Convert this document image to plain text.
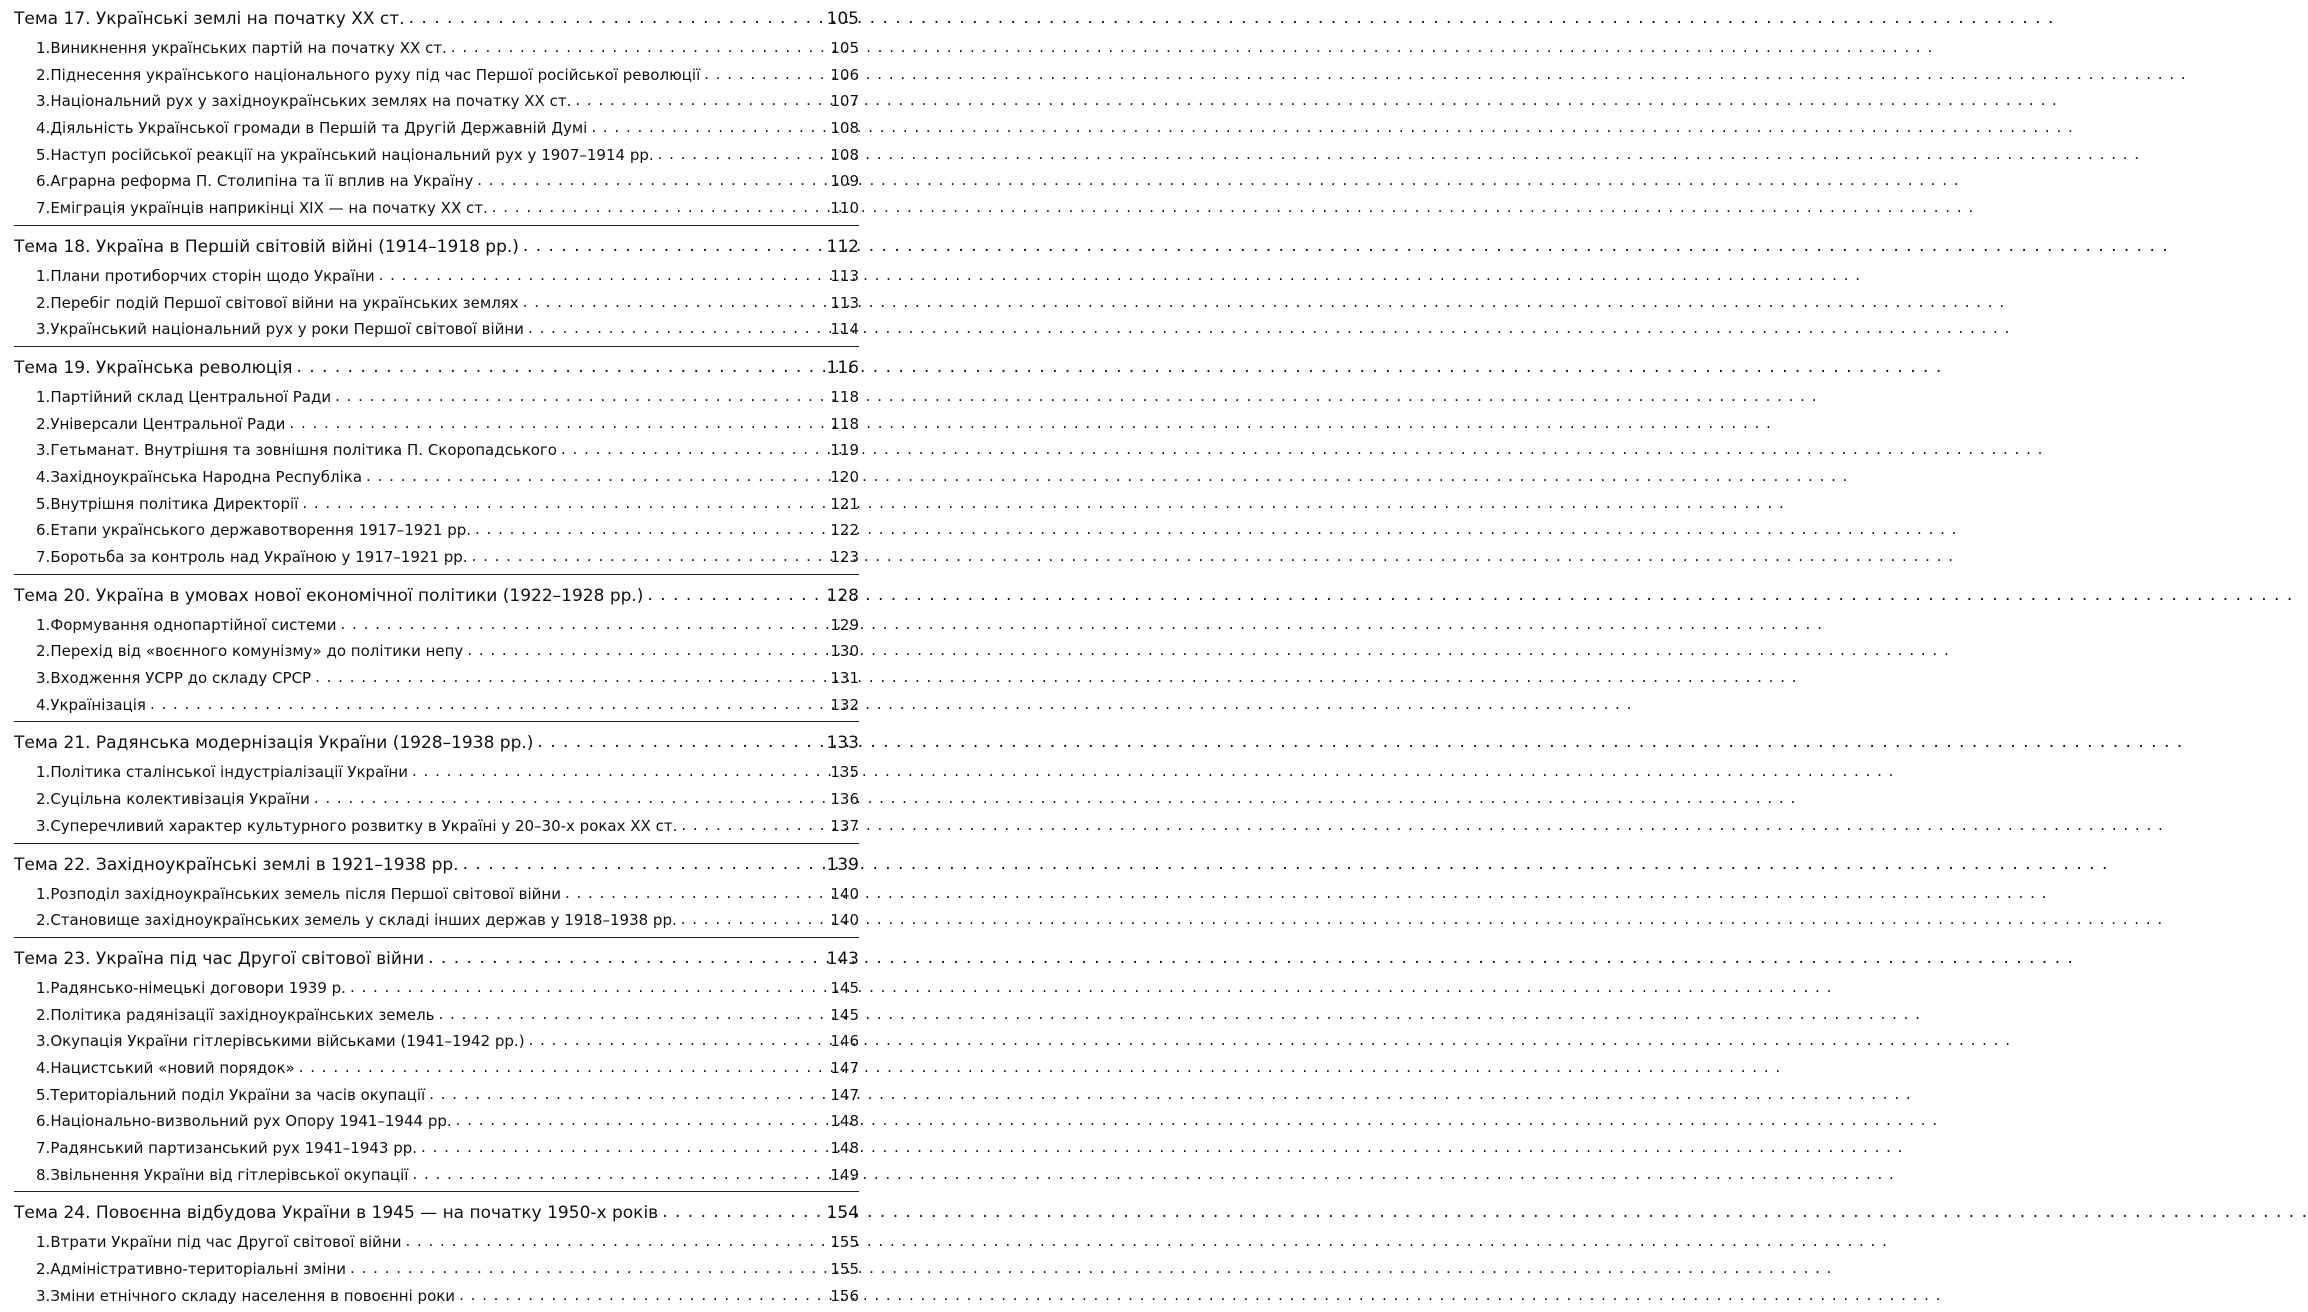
Тема 17. Українські землі на початку XX ст. . . .	105
1. Виникнення українських партій на початку XX ст. . . .	105
2. Піднесення українського національного руху під час Першої російської революції . . .	106
3. Національний рух у західноукраїнських землях на початку XX ст. . . .	107
4. Діяльність Української громади в Першій та Другій Державній Думі . . .	108
5. Наступ російської реакції на український національний рух у 1907–1914 рр. . . .	108
6. Аграрна реформа П. Столипіна та її вплив на Україну . . .	109
7. Еміграція українців наприкінці XIX — на початку XX ст. . . .	110
Тема 18. Україна в Першій світовій війні (1914–1918 рр.) . . .	112
1. Плани протиборчих сторін щодо України . . .	113
2. Перебіг подій Першої світової війни на українських землях . . .	113
3. Український національний рух у роки Першої світової війни . . .	114
Тема 19. Українська революція . . .	116
1. Партійний склад Центральної Ради . . .	118
2. Універсали Центральної Ради . . .	118
3. Гетьманат. Внутрішня та зовнішня політика П. Скоропадського . . .	119
4. Західноукраїнська Народна Республіка . . .	120
5. Внутрішня політика Директорії . . .	121
6. Етапи українського державотворення 1917–1921 рр. . . .	122
7. Боротьба за контроль над Україною у 1917–1921 рр. . . .	123
Тема 20. Україна в умовах нової економічної політики (1922–1928 рр.) . . .	128
1. Формування однопартійної системи . . .	129
2. Перехід від «воєнного комунізму» до політики непу . . .	130
3. Входження УСРР до складу СРСР . . .	131
4. Українізація . . .	132
Тема 21. Радянська модернізація України (1928–1938 рр.) . . .	133
1. Політика сталінської індустріалізації України . . .	135
2. Суцільна колективізація України . . .	136
3. Суперечливий характер культурного розвитку в Україні у 20–30-х роках XX ст. . . .	137
Тема 22. Західноукраїнські землі в 1921–1938 рр. . . .	139
1. Розподіл західноукраїнських земель після Першої світової війни . . .	140
2. Становище західноукраїнських земель у складі інших держав у 1918–1938 рр. . . .	140
Тема 23. Україна під час Другої світової війни . . .	143
1. Радянсько-німецькі договори 1939 р. . . .	145
2. Політика радянізації західноукраїнських земель . . .	145
3. Окупація України гітлерівськими військами (1941–1942 рр.) . . .	146
4. Нацистський «новий порядок» . . .	147
5. Територіальний поділ України за часів окупації . . .	147
6. Національно-визвольний рух Опору 1941–1944 рр. . . .	148
7. Радянський партизанський рух 1941–1943 рр. . . .	148
8. Звільнення України від гітлерівської окупації . . .	149
Тема 24. Повоєнна відбудова України в 1945 — на початку 1950-х років . . .	154
1. Втрати України під час Другої світової війни . . .	155
2. Адміністративно-територіальні зміни . . .	155
3. Зміни етнічного складу населення в повоєнні роки . . .	156
